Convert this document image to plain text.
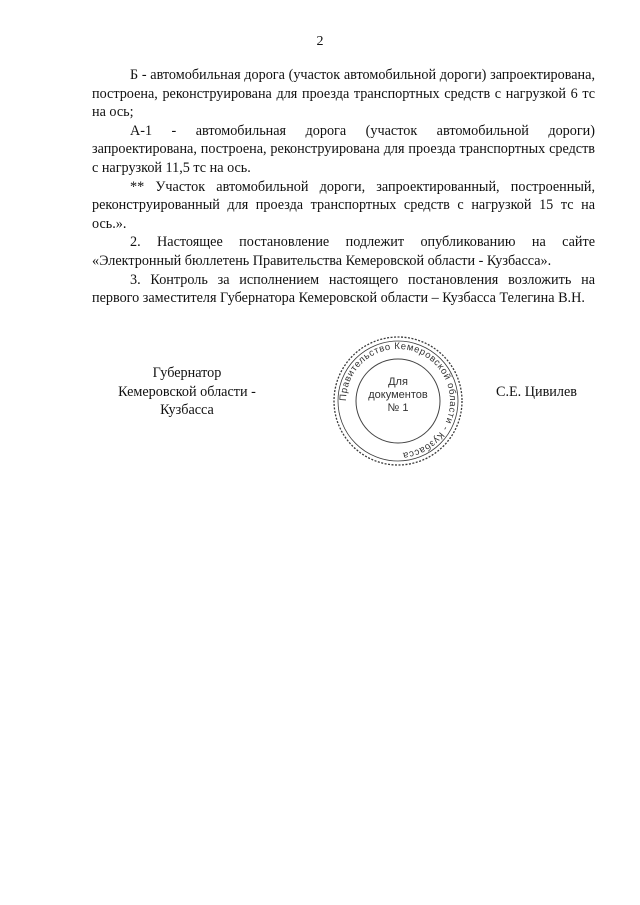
2

Б - автомобильная дорога (участок автомобильной дороги) запроектирована, построена, реконструирована для проезда транспортных средств с нагрузкой 6 тс на ось;

А-1 - автомобильная дорога (участок автомобильной дороги) запроектирована, построена, реконструирована для проезда транспортных средств с нагрузкой 11,5 тс на ось.

** Участок автомобильной дороги, запроектированный, построенный, реконструированный для проезда транспортных средств с нагрузкой 15 тс на ось.».

2. Настоящее постановление подлежит опубликованию на сайте «Электронный бюллетень Правительства Кемеровской области - Кузбасса».

3. Контроль за исполнением настоящего постановления возложить на первого заместителя Губернатора Кемеровской области – Кузбасса Телегина В.Н.

Губернатор
Кемеровской области - Кузбасса
Правительство Кемеровской области - Кузбасса
Для
документов
№ 1
С.Е. Цивилев
